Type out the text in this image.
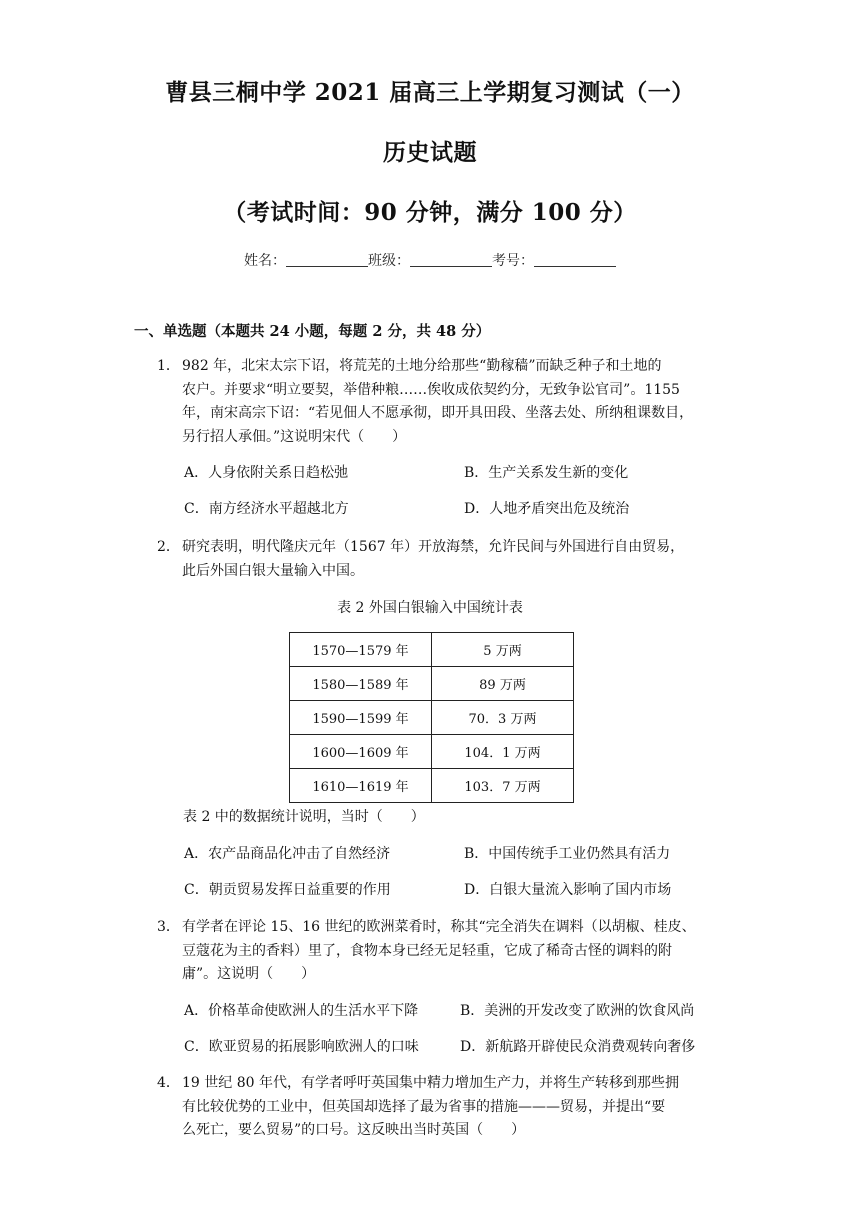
曹县三桐中学 2021 届高三上学期复习测试（一）
历史试题
（考试时间：90 分钟，满分 100 分）
姓名：	班级：	考号：
一、单选题（本题共 24 小题，每题 2 分，共 48 分）
1． 982 年，北宋太宗下诏，将荒芜的土地分给那些“勤稼穑”而缺乏种子和土地的
农户。并要求“明立要契，举借种粮……俟收成依契约分，无致争讼官司”。1155
年，南宋高宗下诏：“若见佃人不愿承彻，即开具田段、坐落去处、所纳租课数目，
另行招人承佃。”这说明宋代（　　）
A．人身依附关系日趋松弛	B．生产关系发生新的变化
C．南方经济水平超越北方	D．人地矛盾突出危及统治
2． 研究表明，明代隆庆元年（1567 年）开放海禁，允许民间与外国进行自由贸易，
此后外国白银大量输入中国。
表 2 外国白银输入中国统计表
1570—1579 年	5 万两
1580—1589 年	89 万两
1590—1599 年	70．3 万两
1600—1609 年	104．1 万两
1610—1619 年	103．7 万两
表 2 中的数据统计说明，当时（　　）
A．农产品商品化冲击了自然经济	B．中国传统手工业仍然具有活力
C．朝贡贸易发挥日益重要的作用	D．白银大量流入影响了国内市场
3． 有学者在评论 15、16 世纪的欧洲菜肴时，称其“完全消失在调料（以胡椒、桂皮、
豆蔻花为主的香料）里了，食物本身已经无足轻重，它成了稀奇古怪的调料的附
庸”。这说明（　　）
A．价格革命使欧洲人的生活水平下降	B．美洲的开发改变了欧洲的饮食风尚
C．欧亚贸易的拓展影响欧洲人的口味	D．新航路开辟使民众消费观转向奢侈
4． 19 世纪 80 年代，有学者呼吁英国集中精力增加生产力，并将生产转移到那些拥
有比较优势的工业中，但英国却选择了最为省事的措施———贸易，并提出“要
么死亡，要么贸易”的口号。这反映出当时英国（　　）
